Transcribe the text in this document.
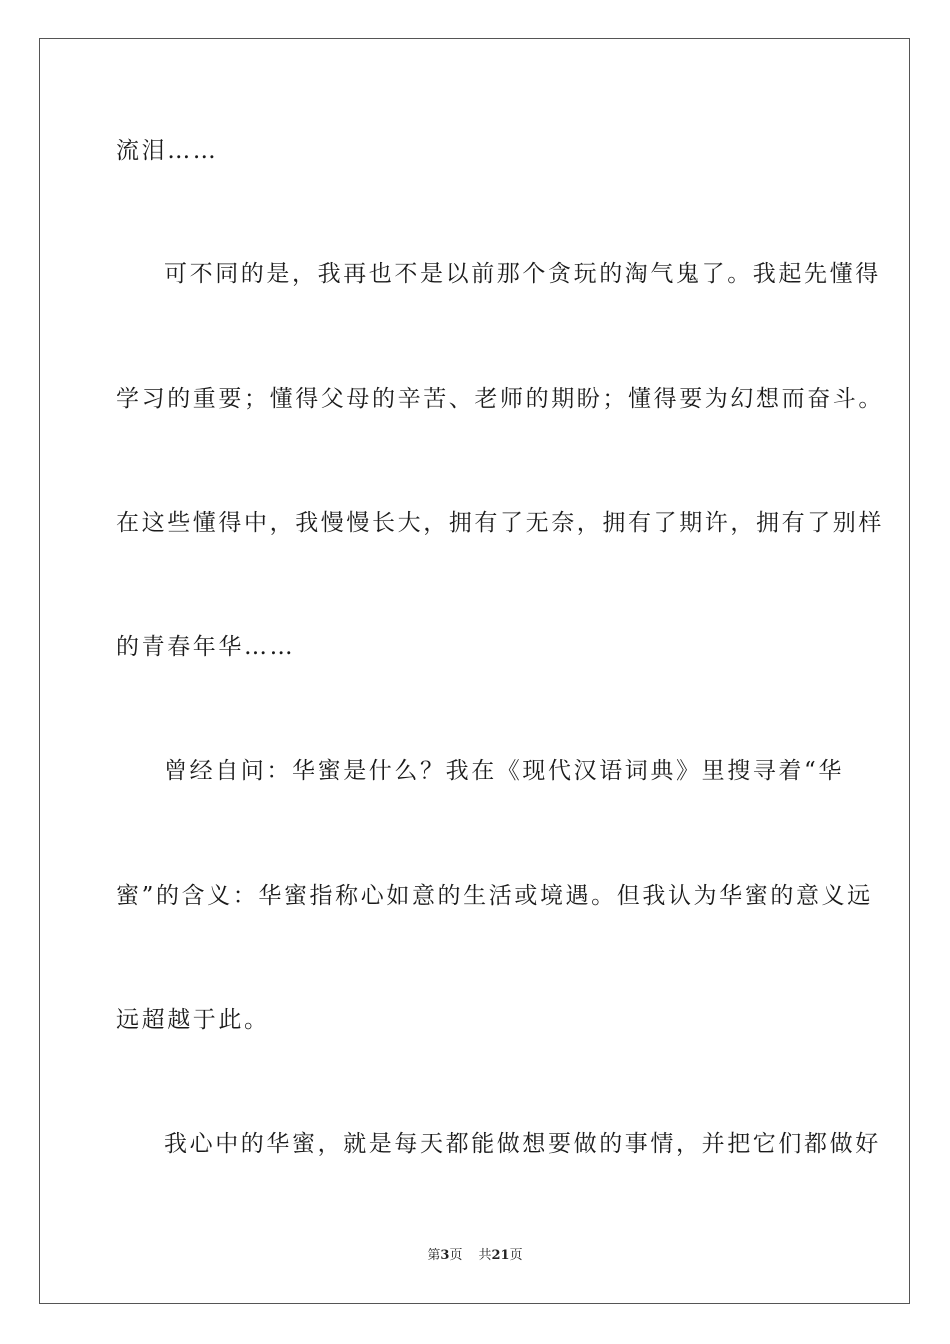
流泪……
可不同的是，我再也不是以前那个贪玩的淘气鬼了。我起先懂得
学习的重要；懂得父母的辛苦、老师的期盼；懂得要为幻想而奋斗。
在这些懂得中，我慢慢长大，拥有了无奈，拥有了期许，拥有了别样
的青春年华……
曾经自问：华蜜是什么？我在《现代汉语词典》里搜寻着“华
蜜”的含义：华蜜指称心如意的生活或境遇。但我认为华蜜的意义远
远超越于此。
我心中的华蜜，就是每天都能做想要做的事情，并把它们都做好
第3页 共21页
